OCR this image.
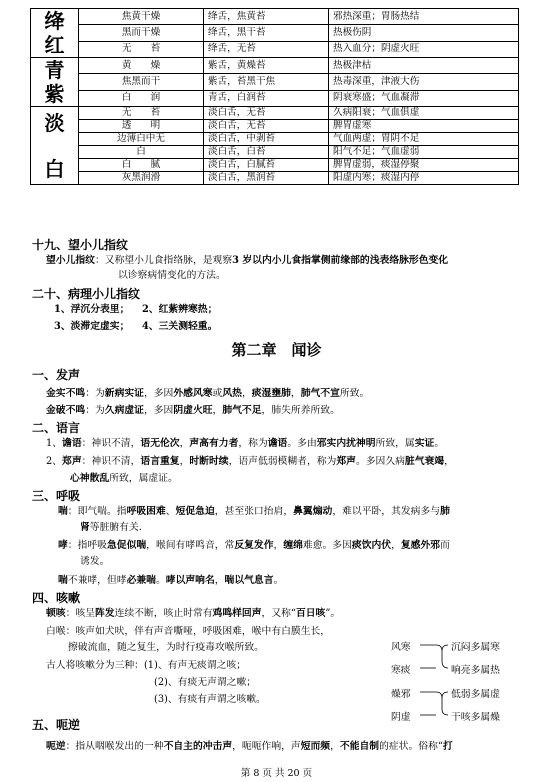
绛
红	焦黄干燥	绛舌，焦黄苔	邪热深重；胃肠热结
	黑而干燥	绛舌，黑干苔	热极伤阴
	无　　苔	绛舌，无苔	热入血分；阴虚火旺

青
紫	黄　　燥	紫舌，黄燥苔	热极津枯
	焦黑而干	紫舌，苔黑干焦	热毒深重，津液大伤
	白　　润	青舌，白润苔	阴衰寒盛；气血凝滞

淡
白	无　　苔	淡白舌，无苔	久病阳衰；气血俱虚
	透　　明	淡白舌，无苔	脾胃虚寒
	边薄白中无	淡白舌，中剥苔	气血两虚；胃阴不足
	白	淡白舌，白苔	阳气不足；气血虚弱
	白　　腻	淡白舌，白腻苔	脾胃虚弱，痰湿停聚
	灰黑润滑	淡白舌，黑润苔	阳虚内寒；痰湿内停
十九、望小儿指纹
望小儿指纹：又称望小儿食指络脉，是观察3 岁以内小儿食指掌侧前缘部的浅表络脉形色变化
以诊察病情变化的方法。
二十、病理小儿指纹
1、浮沉分表里； 2、红紫辨寒热；
3、淡滞定虚实； 4、三关测轻重。
第二章　闻诊
一、发声
金实不鸣：为新病实证，多因外感风寒或风热，痰湿壅肺，肺气不宣所致。
金破不鸣：为久病虚证，多因阴虚火旺，肺气不足，肺失所养所致。
二、语言
1、谵语：神识不清，语无伦次，声高有力者，称为谵语。多由邪实内扰神明所致，属实证。
2、郑声：神识不清，语言重复，时断时续，语声低弱模糊者，称为郑声。多因久病脏气衰竭，
心神散乱所致，属虚证。
三、呼吸
喘：即气喘。指呼吸困难、短促急迫，甚至张口抬肩，鼻翼煽动，难以平卧，其发病多与肺
肾等脏腑有关.
哮：指呼吸急促似喘，喉间有哮鸣音，常反复发作，缠绵难愈。多因痰饮内伏，复感外邪而
诱发。
喘不兼哮，但哮必兼喘。哮以声响名，喘以气息言。
四、咳嗽
顿咳：咳呈阵发连续不断，咳止时常有鸡鸣样回声，又称“百日咳”。
白喉：咳声如犬吠，伴有声音嘶哑，呼吸困难，喉中有白膜生长，
擦破流血，随之复生，为时行疫毒攻喉所致。
古人将咳嗽分为三种：(1)、有声无痰谓之咳；
(2)、有痰无声谓之嗽；
(3)、有痰有声谓之咳嗽。
风寒
寒痰
沉闷多属寒
响亮多属热
燥邪
阴虚
低弱多属虚
干咳多属燥
五、呃逆
呃逆：指从咽喉发出的一种不自主的冲击声，呃呃作响，声短而频，不能自制的症状。俗称“打
第 8 页 共 20 页
